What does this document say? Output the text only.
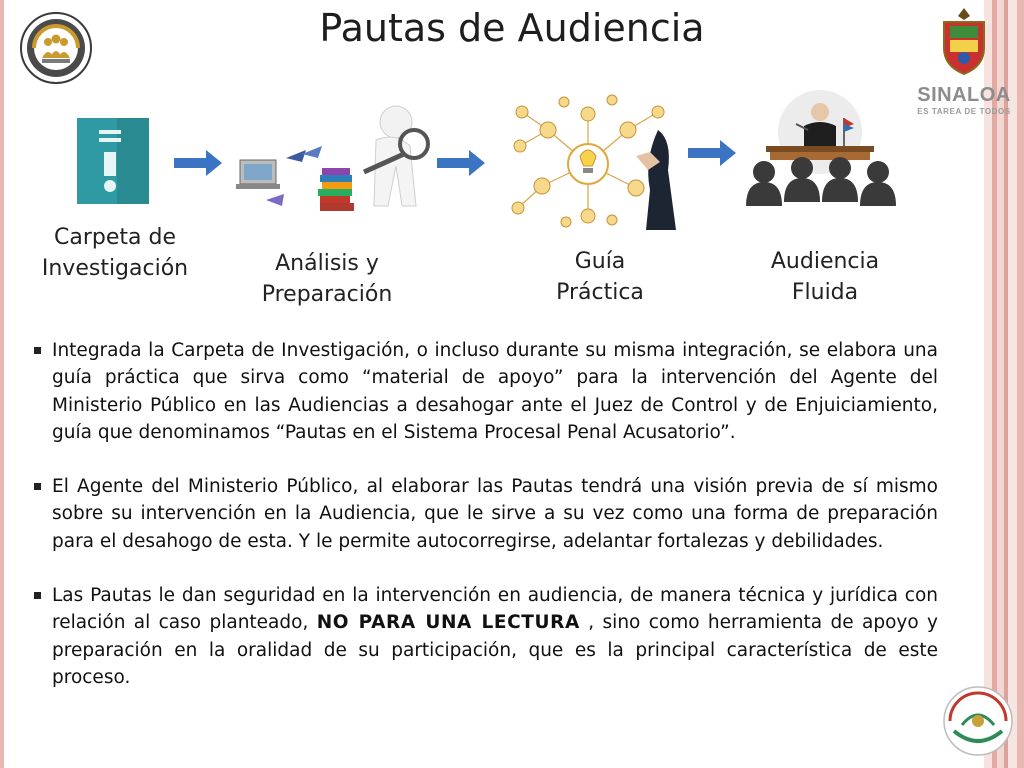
Pautas de Audiencia
SINALOA
ES TAREA DE TODOS
Carpeta de
Investigación	Análisis y
Preparación
Guía
Práctica
Audiencia
Fluida
Integrada la Carpeta de Investigación, o incluso durante su misma integración, se elabora una guía práctica que sirva como “material de apoyo” para la intervención del Agente del Ministerio Público en las Audiencias a desahogar ante el Juez de Control y de Enjuiciamiento, guía que denominamos “Pautas en el Sistema Procesal Penal Acusatorio”.
El Agente del Ministerio Público, al elaborar las Pautas tendrá una visión previa de sí mismo sobre su intervención en la Audiencia, que le sirve a su vez como una forma de preparación para el desahogo de esta. Y le permite autocorregirse, adelantar fortalezas y debilidades.
Las Pautas le dan seguridad en la intervención en audiencia, de manera técnica y jurídica con relación al caso planteado, NO PARA UNA LECTURA , sino como herramienta de apoyo y preparación en la oralidad de su participación, que es la principal característica de este proceso.
